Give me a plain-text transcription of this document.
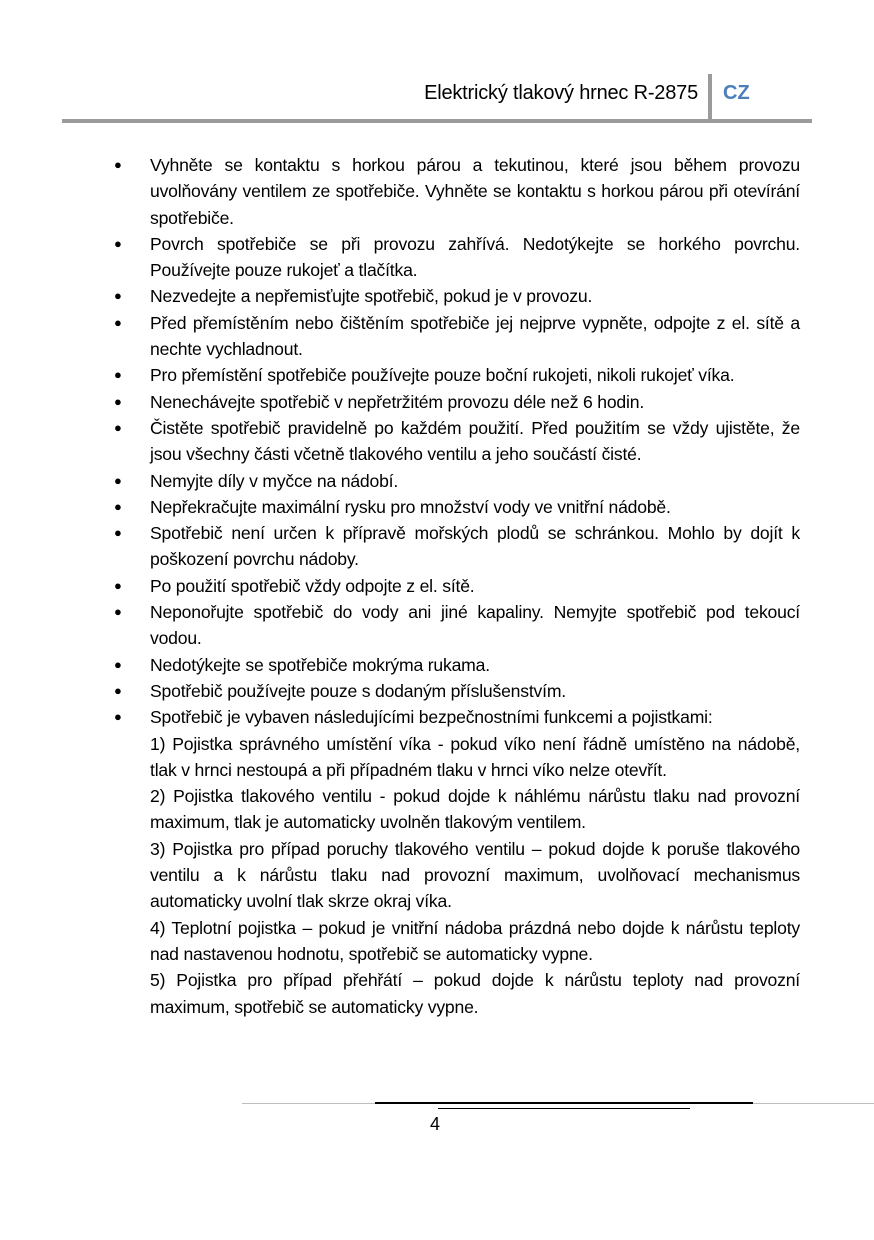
Elektrický tlakový hrnec R-2875 CZ
● Vyhněte se kontaktu s horkou párou a tekutinou, které jsou během provozu uvolňovány ventilem ze spotřebiče. Vyhněte se kontaktu s horkou párou při otevírání spotřebiče.
● Povrch spotřebiče se při provozu zahřívá. Nedotýkejte se horkého povrchu. Používejte pouze rukojeť a tlačítka.
● Nezvedejte a nepřemisťujte spotřebič, pokud je v provozu.
● Před přemístěním nebo čištěním spotřebiče jej nejprve vypněte, odpojte z el. sítě a nechte vychladnout.
● Pro přemístění spotřebiče používejte pouze boční rukojeti, nikoli rukojeť víka.
● Nenechávejte spotřebič v nepřetržitém provozu déle než 6 hodin.
● Čistěte spotřebič pravidelně po každém použití. Před použitím se vždy ujistěte, že jsou všechny části včetně tlakového ventilu a jeho součástí čisté.
● Nemyjte díly v myčce na nádobí.
● Nepřekračujte maximální rysku pro množství vody ve vnitřní nádobě.
● Spotřebič není určen k přípravě mořských plodů se schránkou. Mohlo by dojít k poškození povrchu nádoby.
● Po použití spotřebič vždy odpojte z el. sítě.
● Neponořujte spotřebič do vody ani jiné kapaliny. Nemyjte spotřebič pod tekoucí vodou.
● Nedotýkejte se spotřebiče mokrýma rukama.
● Spotřebič používejte pouze s dodaným příslušenstvím.
● Spotřebič je vybaven následujícími bezpečnostními funkcemi a pojistkami:
1) Pojistka správného umístění víka - pokud víko není řádně umístěno na nádobě, tlak v hrnci nestoupá a při případném tlaku v hrnci víko nelze otevřít.
2) Pojistka tlakového ventilu - pokud dojde k náhlému nárůstu tlaku nad provozní maximum, tlak je automaticky uvolněn tlakovým ventilem.
3) Pojistka pro případ poruchy tlakového ventilu – pokud dojde k poruše tlakového ventilu a k nárůstu tlaku nad provozní maximum, uvolňovací mechanismus automaticky uvolní tlak skrze okraj víka.
4) Teplotní pojistka – pokud je vnitřní nádoba prázdná nebo dojde k nárůstu teploty nad nastavenou hodnotu, spotřebič se automaticky vypne.
5) Pojistka pro případ přehřátí – pokud dojde k nárůstu teploty nad provozní maximum, spotřebič se automaticky vypne.
4
